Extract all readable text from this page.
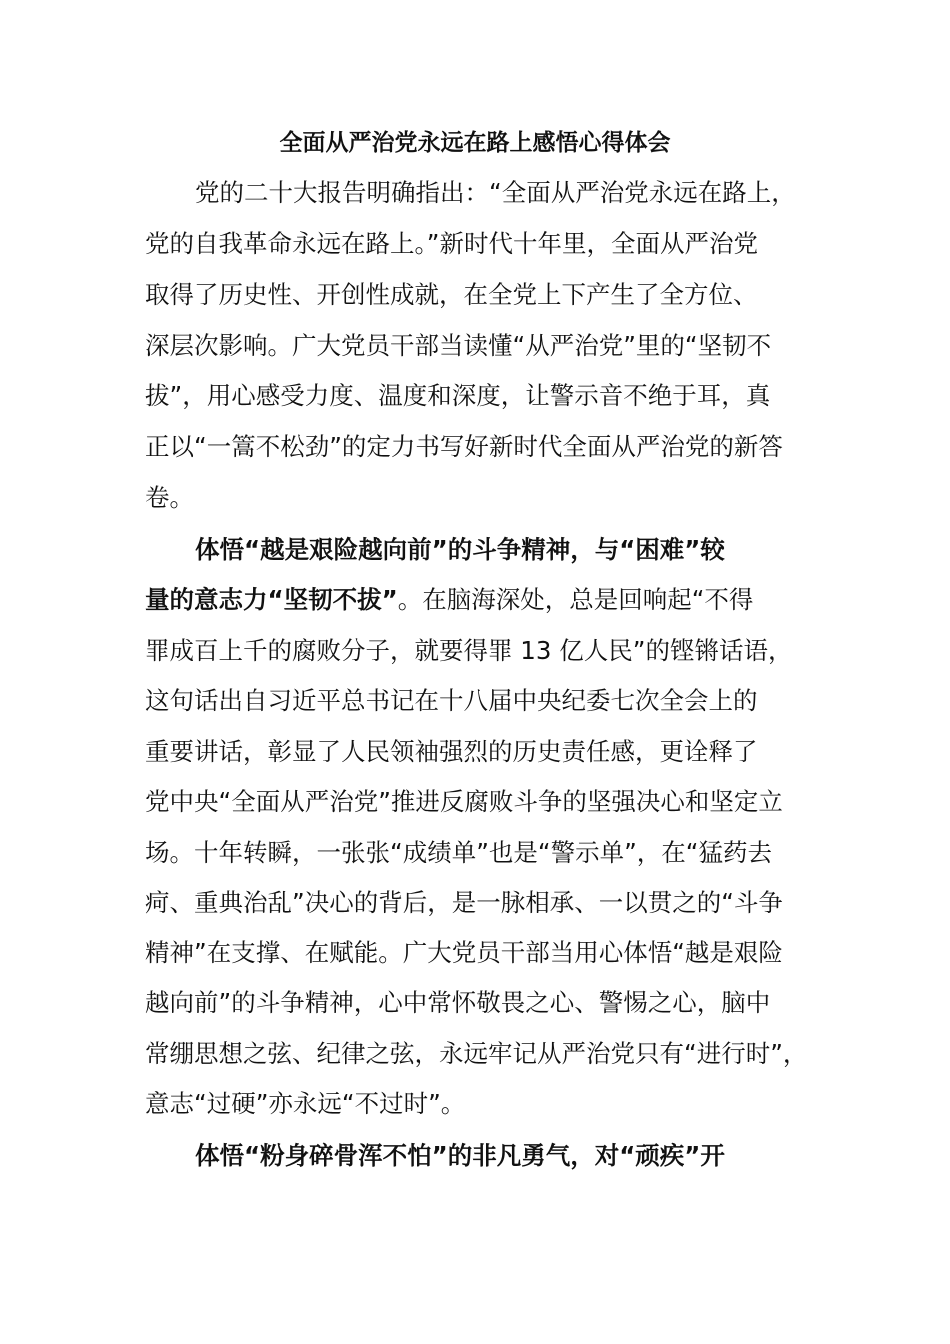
全面从严治党永远在路上感悟心得体会
党的二十大报告明确指出：“全面从严治党永远在路上，
党的自我革命永远在路上。”新时代十年里，全面从严治党
取得了历史性、开创性成就，在全党上下产生了全方位、
深层次影响。广大党员干部当读懂“从严治党”里的“坚韧不
拔”，用心感受力度、温度和深度，让警示音不绝于耳，真
正以“一篙不松劲”的定力书写好新时代全面从严治党的新答
卷。
体悟“越是艰险越向前”的斗争精神，与“困难”较
量的意志力“坚韧不拔”。在脑海深处，总是回响起“不得
罪成百上千的腐败分子，就要得罪 13 亿人民”的铿锵话语，
这句话出自习近平总书记在十八届中央纪委七次全会上的
重要讲话，彰显了人民领袖强烈的历史责任感，更诠释了
党中央“全面从严治党”推进反腐败斗争的坚强决心和坚定立
场。十年转瞬，一张张“成绩单”也是“警示单”，在“猛药去
疴、重典治乱”决心的背后，是一脉相承、一以贯之的“斗争
精神”在支撑、在赋能。广大党员干部当用心体悟“越是艰险
越向前”的斗争精神，心中常怀敬畏之心、警惕之心，脑中
常绷思想之弦、纪律之弦，永远牢记从严治党只有“进行时”，
意志“过硬”亦永远“不过时”。
体悟“粉身碎骨浑不怕”的非凡勇气，对“顽疾”开
